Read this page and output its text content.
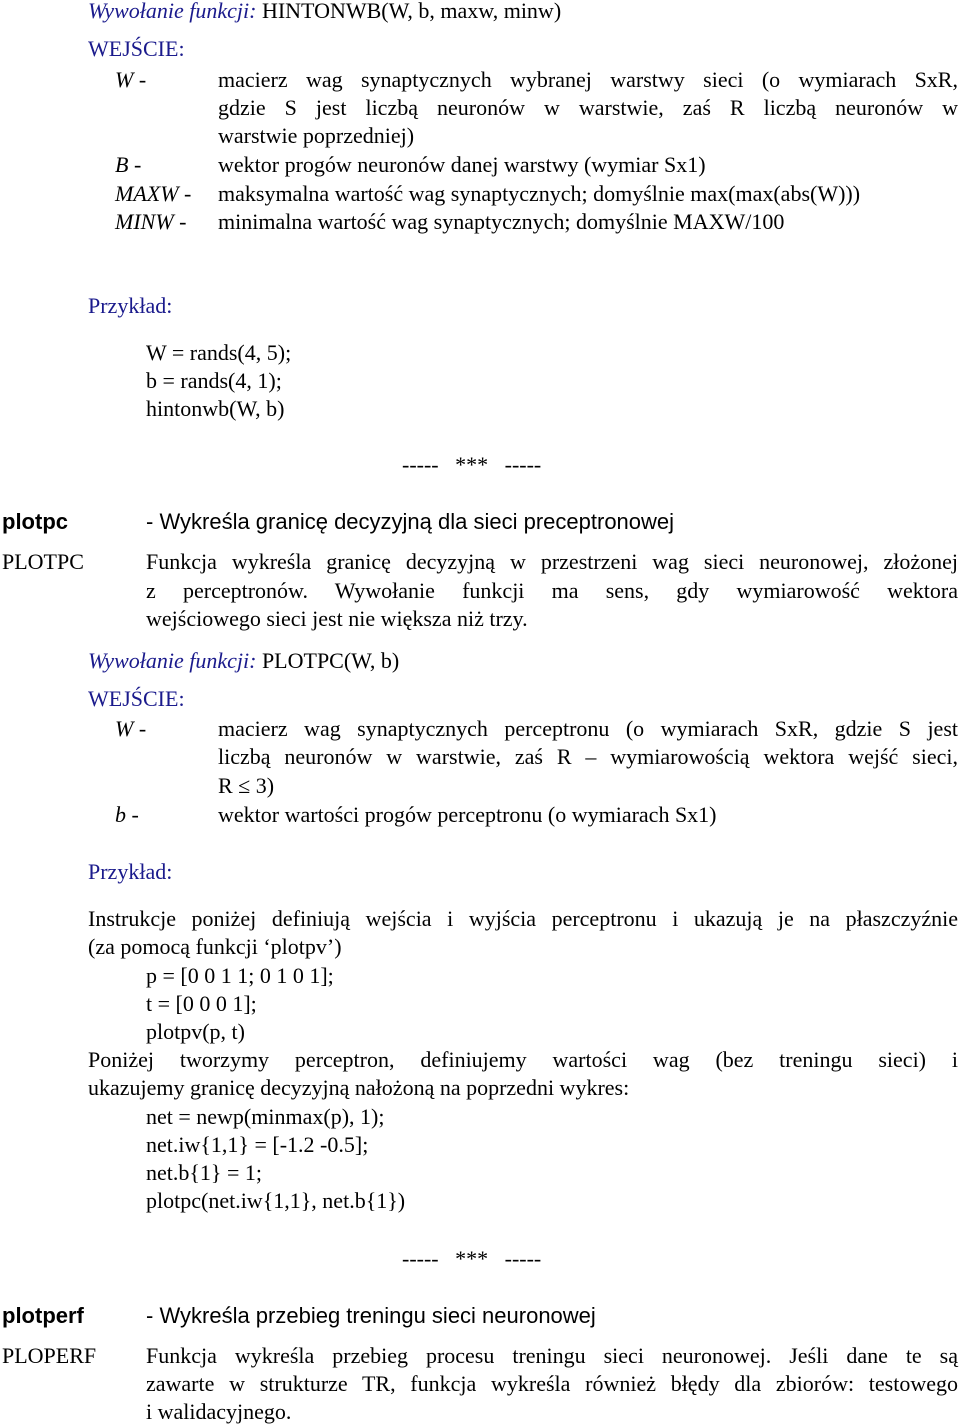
Wywołanie funkcji: HINTONWB(W, b, maxw, minw)
WEJŚCIE:
W -	macierz wag synaptycznych wybranej warstwy sieci (o wymiarach SxR,
gdzie S jest liczbą neuronów w warstwie, zaś R liczbą neuronów w
warstwie poprzedniej)
B -	wektor progów neuronów danej warstwy (wymiar Sx1)
MAXW - maksymalna wartość wag synaptycznych; domyślnie max(max(abs(W)))
MINW - minimalna wartość wag synaptycznych; domyślnie MAXW/100
Przykład:
W = rands(4, 5);
b = rands(4, 1);
hintonwb(W, b)
-----   ***   -----
plotpc	- Wykreśla granicę decyzyjną dla sieci preceptronowej
PLOTPC	Funkcja wykreśla granicę decyzyjną w przestrzeni wag sieci neuronowej, złożonej
z perceptronów. Wywołanie funkcji ma sens, gdy wymiarowość wektora
wejściowego sieci jest nie większa niż trzy.
Wywołanie funkcji: PLOTPC(W, b)
WEJŚCIE:
W -	macierz wag synaptycznych perceptronu (o wymiarach SxR, gdzie S jest
liczbą neuronów w warstwie, zaś R – wymiarowością wektora wejść sieci,
R ≤ 3)
b -	wektor wartości progów perceptronu (o wymiarach Sx1)
Przykład:
Instrukcje poniżej definiują wejścia i wyjścia perceptronu i ukazują je na płaszczyźnie
(za pomocą funkcji ‘plotpv’)
p = [0 0 1 1; 0 1 0 1];
t = [0 0 0 1];
plotpv(p, t)
Poniżej tworzymy perceptron, definiujemy wartości wag (bez treningu sieci) i
ukazujemy granicę decyzyjną nałożoną na poprzedni wykres:
net = newp(minmax(p), 1);
net.iw{1,1} = [-1.2 -0.5];
net.b{1} = 1;
plotpc(net.iw{1,1}, net.b{1})
-----   ***   -----
plotperf	- Wykreśla przebieg treningu sieci neuronowej
PLOPERF Funkcja wykreśla przebieg procesu treningu sieci neuronowej. Jeśli dane te są
zawarte w strukturze TR, funkcja wykreśla również błędy dla zbiorów: testowego
i walidacyjnego.
